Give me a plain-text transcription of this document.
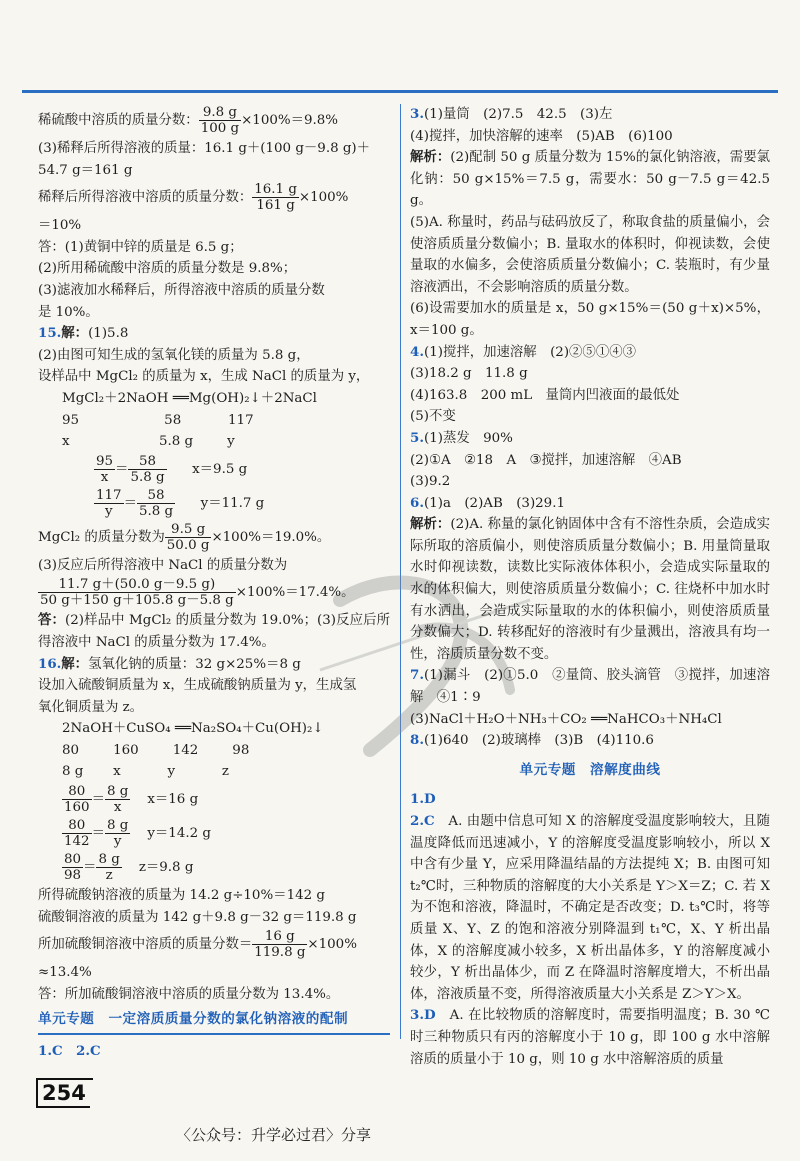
稀硫酸中溶质的质量分数： $\frac{9.8 g}{100 g} \times 100\%=9.8\%$
(3)稀释后所得溶液的质量：16.1 g＋(100 g－9.8 g)＋
54.7 g＝161 g
稀释后所得溶液中溶质的质量分数： $\frac{16.1 g}{161 g} \times 100\%$
＝10%
答：(1)黄铜中锌的质量是 6.5 g；
(2)所用稀硫酸中溶质的质量分数是 9.8%；
(3)滤液加水稀释后，所得溶液中溶质的质量分数
是 10%。
15.解：(1)5.8
(2)由图可知生成的氢氧化镁的质量为 5.8 g，
设样品中 MgCl₂ 的质量为 x，生成 NaCl 的质量为 y，
MgCl₂＋2NaOH ══Mg(OH)₂↓＋2NaCl
95                    58           117
x                     5.8 g        y
$\frac{95}{x} = \frac{58}{5.8 g} x=9.5$ g
$\frac{117}{y} = \frac{58}{5.8 g} y=11.7$ g
MgCl₂ 的质量分数为 $\frac{9.5 g}{50.0 g} \times 100\%=19.0\%$。
(3)反应后所得溶液中 NaCl 的质量分数为
$\frac{11.7 g+(50.0 g-9.5 g)}{50 g+150 g+105.8 g-5.8 g} \times 100\%=17.4\%$。
答：(2)样品中 MgCl₂ 的质量分数为 19.0%；(3)反应后所得溶液中 NaCl 的质量分数为 17.4%。
16.解：氢氧化钠的质量：32 g×25%＝8 g
设加入硫酸铜质量为 x，生成硫酸钠质量为 y，生成氢
氧化铜质量为 z。
2NaOH＋CuSO₄ ══Na₂SO₄＋Cu(OH)₂↓
80        160        142        98
8 g       x           y           z
$\frac{80}{160} = \frac{8 g}{x} x=16$ g
$\frac{80}{142} = \frac{8 g}{y} y=14.2$ g
$\frac{80}{98} = \frac{8 g}{z} z=9.8$ g
所得硫酸钠溶液的质量为 14.2 g÷10%＝142 g
硫酸铜溶液的质量为 142 g＋9.8 g－32 g＝119.8 g
所加硫酸铜溶液中溶质的质量分数＝ $\frac{16 g}{119.8 g} \times 100\%$
≈13.4%
答：所加硫酸铜溶液中溶质的质量分数为 13.4%。
单元专题　一定溶质质量分数的氯化钠溶液的配制
1.C　2.C
3.(1)量筒　(2)7.5　42.5　(3)左
(4)搅拌，加快溶解的速率　(5)AB　(6)100
解析：(2)配制 50 g 质量分数为 15%的氯化钠溶液，需要氯化钠：50 g×15%＝7.5 g，需要水：50 g－7.5 g＝42.5 g。
(5)A. 称量时，药品与砝码放反了，称取食盐的质量偏小，会使溶质质量分数偏小；B. 量取水的体积时，仰视读数，会使量取的水偏多，会使溶质质量分数偏小；C. 装瓶时，有少量溶液洒出，不会影响溶质的质量分数。
(6)设需要加水的质量是 x，50 g×15%＝(50 g＋x)×5%，x＝100 g。
4.(1)搅拌，加速溶解　(2)②⑤①④③
(3)18.2 g　11.8 g
(4)163.8　200 mL　量筒内凹液面的最低处
(5)不变
5.(1)蒸发　90%
(2)①A　②18　A　③搅拌，加速溶解　④AB
(3)9.2
6.(1)a　(2)AB　(3)29.1
解析：(2)A. 称量的氯化钠固体中含有不溶性杂质，会造成实际所取的溶质偏小，则使溶质质量分数偏小；B. 用量筒量取水时仰视读数，读数比实际液体体积小，会造成实际量取的水的体积偏大，则使溶质质量分数偏小；C. 往烧杯中加水时有水洒出，会造成实际量取的水的体积偏小，则使溶质质量分数偏大；D. 转移配好的溶液时有少量溅出，溶液具有均一性，溶质质量分数不变。
7.(1)漏斗　(2)①5.0　②量筒、胶头滴管　③搅拌，加速溶解　④1∶9
(3)NaCl＋H₂O＋NH₃＋CO₂ ══NaHCO₃＋NH₄Cl
8.(1)640　(2)玻璃棒　(3)B　(4)110.6
单元专题　溶解度曲线
1.D
2.C　 A. 由题中信息可知 X 的溶解度受温度影响较大，且随温度降低而迅速减小，Y 的溶解度受温度影响较小，所以 X 中含有少量 Y，应采用降温结晶的方法提纯 X；B. 由图可知 t₂℃时，三种物质的溶解度的大小关系是 Y＞X＝Z；C. 若 X 为不饱和溶液，降温时，不确定是否改变；D. t₃℃时，将等质量 X、Y、Z 的饱和溶液分别降温到 t₁℃，X、Y 析出晶体，X 的溶解度减小较多，X 析出晶体多，Y 的溶解度减小较少，Y 析出晶体少，而 Z 在降温时溶解度增大，不析出晶体，溶液质量不变，所得溶液质量大小关系是 Z＞Y＞X。
3.D　 A. 在比较物质的溶解度时，需要指明温度；B. 30 ℃时三种物质只有丙的溶解度小于 10 g，即 100 g 水中溶解溶质的质量小于 10 g，则 10 g 水中溶解溶质的质量
254
〈公众号：升学必过君〉分享
